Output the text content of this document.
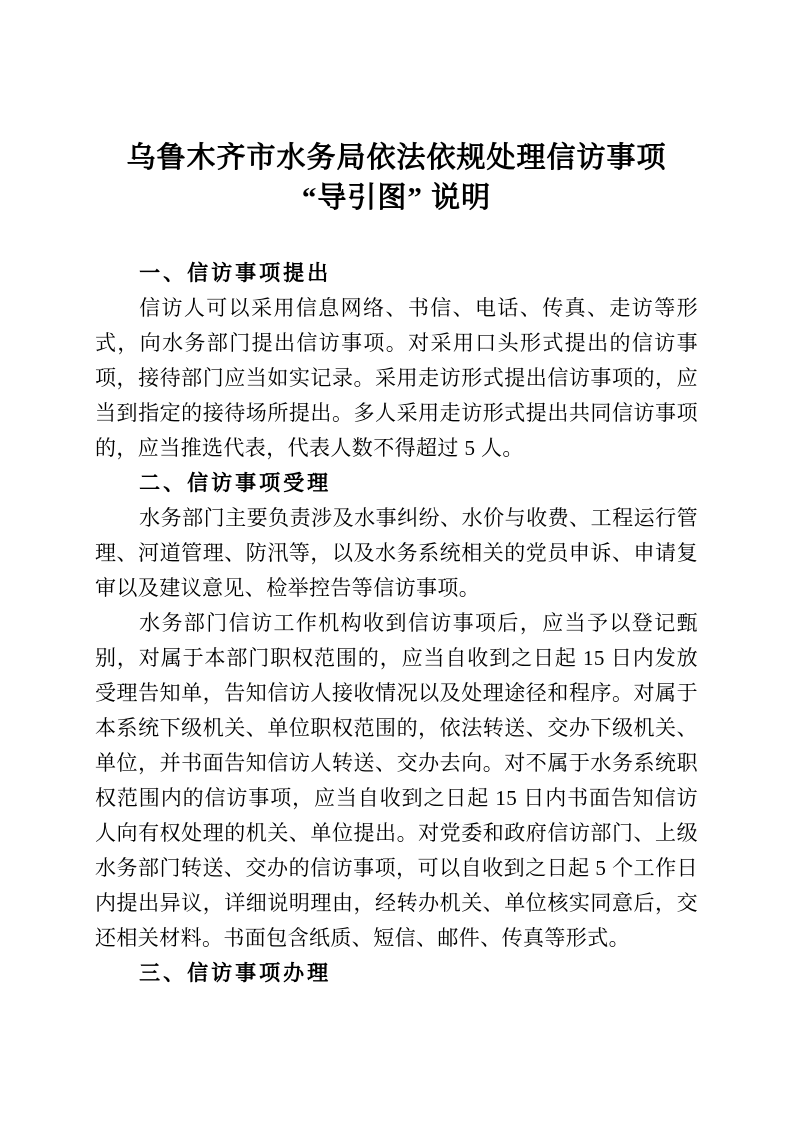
乌鲁木齐市水务局依法依规处理信访事项
“导引图” 说明
一、信访事项提出

信访人可以采用信息网络、书信、电话、传真、走访等形式，向水务部门提出信访事项。对采用口头形式提出的信访事项，接待部门应当如实记录。采用走访形式提出信访事项的，应当到指定的接待场所提出。多人采用走访形式提出共同信访事项的，应当推选代表，代表人数不得超过 5 人。

二、信访事项受理

水务部门主要负责涉及水事纠纷、水价与收费、工程运行管理、河道管理、防汛等，以及水务系统相关的党员申诉、申请复审以及建议意见、检举控告等信访事项。

水务部门信访工作机构收到信访事项后，应当予以登记甄别，对属于本部门职权范围的，应当自收到之日起 15 日内发放受理告知单，告知信访人接收情况以及处理途径和程序。对属于本系统下级机关、单位职权范围的，依法转送、交办下级机关、单位，并书面告知信访人转送、交办去向。对不属于水务系统职权范围内的信访事项，应当自收到之日起 15 日内书面告知信访人向有权处理的机关、单位提出。对党委和政府信访部门、上级水务部门转送、交办的信访事项，可以自收到之日起 5 个工作日内提出异议，详细说明理由，经转办机关、单位核实同意后，交还相关材料。书面包含纸质、短信、邮件、传真等形式。

三、信访事项办理
